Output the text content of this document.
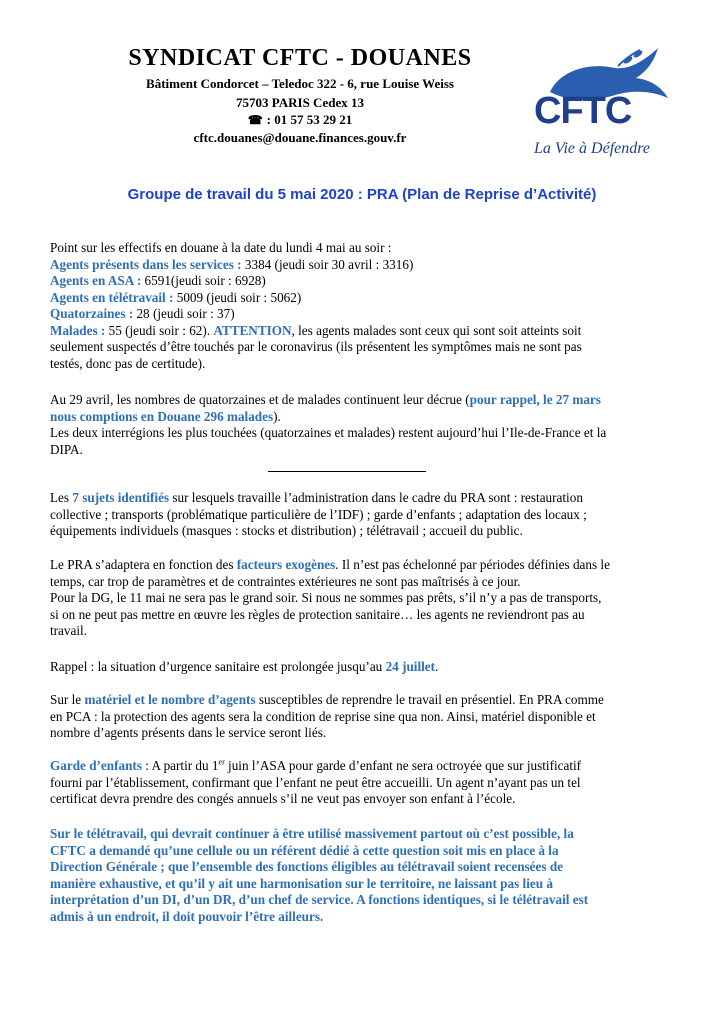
SYNDICAT CFTC - DOUANES
Bâtiment Condorcet – Teledoc 322 - 6, rue Louise Weiss
75703 PARIS Cedex 13
☎ : 01 57 53 29 21
cftc.douanes@douane.finances.gouv.fr
CFTC
La Vie à Défendre
Groupe de travail du 5 mai 2020 : PRA (Plan de Reprise d’Activité)
Point sur les effectifs en douane à la date du lundi 4 mai au soir :
Agents présents dans les services : 3384 (jeudi soir 30 avril : 3316)
Agents en ASA : 6591(jeudi soir : 6928)
Agents en télétravail : 5009 (jeudi soir : 5062)
Quatorzaines : 28 (jeudi soir : 37)
Malades : 55 (jeudi soir : 62). ATTENTION, les agents malades sont ceux qui sont soit atteints soit
seulement suspectés d’être touchés par le coronavirus (ils présentent les symptômes mais ne sont pas
testés, donc pas de certitude).
Au 29 avril, les nombres de quatorzaines et de malades continuent leur décrue (pour rappel, le 27 mars
nous comptions en Douane 296 malades).
Les deux interrégions les plus touchées (quatorzaines et malades) restent aujourd’hui l’Ile-de-France et la
DIPA.
Les 7 sujets identifiés sur lesquels travaille l’administration dans le cadre du PRA sont : restauration
collective ; transports (problématique particulière de l’IDF) ; garde d’enfants ; adaptation des locaux ;
équipements individuels (masques : stocks et distribution) ; télétravail ; accueil du public.
Le PRA s’adaptera en fonction des facteurs exogènes. Il n’est pas échelonné par périodes définies dans le
temps, car trop de paramètres et de contraintes extérieures ne sont pas maîtrisés à ce jour.
Pour la DG, le 11 mai ne sera pas le grand soir. Si nous ne sommes pas prêts, s’il n’y a pas de transports,
si on ne peut pas mettre en œuvre les règles de protection sanitaire… les agents ne reviendront pas au
travail.
Rappel : la situation d’urgence sanitaire est prolongée jusqu’au 24 juillet.
Sur le matériel et le nombre d’agents susceptibles de reprendre le travail en présentiel. En PRA comme
en PCA : la protection des agents sera la condition de reprise sine qua non. Ainsi, matériel disponible et
nombre d’agents présents dans le service seront liés.
Garde d’enfants : A partir du 1er juin l’ASA pour garde d’enfant ne sera octroyée que sur justificatif
fourni par l’établissement, confirmant que l’enfant ne peut être accueilli. Un agent n’ayant pas un tel
certificat devra prendre des congés annuels s’il ne veut pas envoyer son enfant à l’école.
Sur le télétravail, qui devrait continuer à être utilisé massivement partout où c’est possible, la
CFTC a demandé qu’une cellule ou un référent dédié à cette question soit mis en place à la
Direction Générale ; que l’ensemble des fonctions éligibles au télétravail soient recensées de
manière exhaustive, et qu’il y ait une harmonisation sur le territoire, ne laissant pas lieu à
interprétation d’un DI, d’un DR, d’un chef de service. A fonctions identiques, si le télétravail est
admis à un endroit, il doit pouvoir l’être ailleurs.
